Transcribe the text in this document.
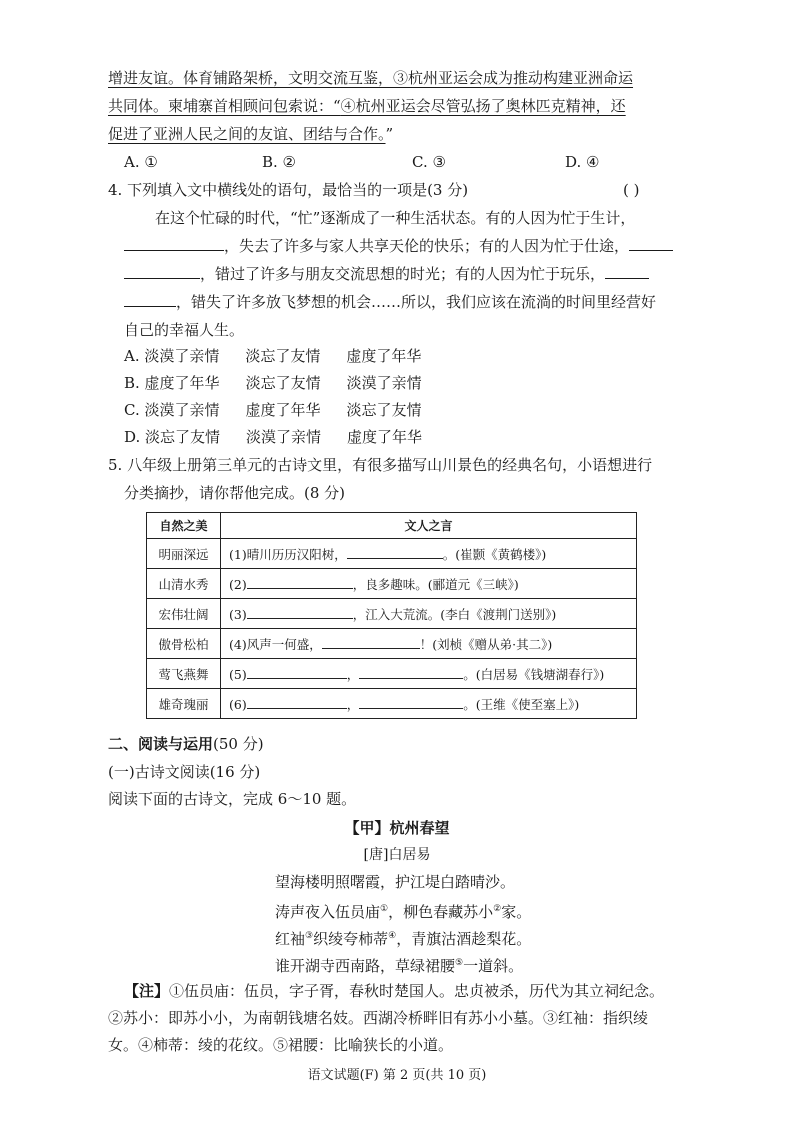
增进友谊。体育铺路架桥，文明交流互鉴，③杭州亚运会成为推动构建亚洲命运
共同体。柬埔寨首相顾问包索说：“④杭州亚运会尽管弘扬了奥林匹克精神，还
促进了亚洲人民之间的友谊、团结与合作。”
A. ①	B. ②	C. ③	D. ④
4. 下列填入文中横线处的语句，最恰当的一项是(3 分)	( )
在这个忙碌的时代，“忙”逐渐成了一种生活状态。有的人因为忙于生计，
，失去了许多与家人共享天伦的快乐；有的人因为忙于仕途，
，错过了许多与朋友交流思想的时光；有的人因为忙于玩乐，
，错失了许多放飞梦想的机会……所以，我们应该在流淌的时间里经营好
自己的幸福人生。
A. 淡漠了亲情 淡忘了友情 虚度了年华
B. 虚度了年华 淡忘了友情 淡漠了亲情
C. 淡漠了亲情 虚度了年华 淡忘了友情
D. 淡忘了友情 淡漠了亲情 虚度了年华
5. 八年级上册第三单元的古诗文里，有很多描写山川景色的经典名句，小语想进行
分类摘抄，请你帮他完成。(8 分)
自然之美	文人之言
明丽深远	(1)晴川历历汉阳树， 。(崔颢《黄鹤楼》)
山清水秀	(2) ，良多趣味。(郦道元《三峡》)
宏伟壮阔	(3) ，江入大荒流。(李白《渡荆门送别》)
傲骨松柏	(4)风声一何盛， ！(刘桢《赠从弟·其二》)
莺飞燕舞	(5) ， 。(白居易《钱塘湖春行》)
雄奇瑰丽	(6) ， 。(王维《使至塞上》)
二、阅读与运用(50 分)
(一)古诗文阅读(16 分)
阅读下面的古诗文，完成 6～10 题。
【甲】杭州春望
[唐]白居易
望海楼明照曙霞，护江堤白踏晴沙。
涛声夜入伍员庙①，柳色春藏苏小②家。
红袖③织绫夸柿蒂④，青旗沽酒趁梨花。
谁开湖寺西南路，草绿裙腰⑤一道斜。
【注】①伍员庙：伍员，字子胥，春秋时楚国人。忠贞被杀，历代为其立祠纪念。
②苏小：即苏小小，为南朝钱塘名妓。西湖冷桥畔旧有苏小小墓。③红袖：指织绫
女。④柿蒂：绫的花纹。⑤裙腰：比喻狭长的小道。
语文试题(F) 第 2 页(共 10 页)
